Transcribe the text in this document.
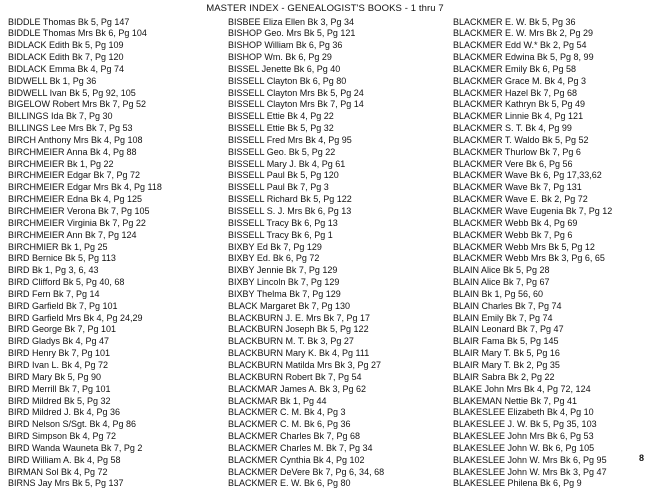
MASTER INDEX - GENEALOGIST'S BOOKS - 1 thru 7
BIDDLE Thomas Bk 5, Pg 147
BIDDLE Thomas Mrs Bk 6, Pg 104
BIDLACK Edith Bk 5, Pg 109
BIDLACK Edith Bk 7, Pg 120
BIDLACK Emma Bk 4, Pg 74
BIDWELL Bk 1, Pg 36
BIDWELL Ivan Bk 5, Pg 92, 105
BIGELOW Robert Mrs Bk 7, Pg 52
BILLINGS Ida Bk 7, Pg 30
BILLINGS Lee Mrs Bk 7, Pg 53
BIRCH Anthony Mrs Bk 4, Pg 108
BIRCHMEIER Anna Bk 4, Pg 88
BIRCHMEIER Bk 1, Pg 22
BIRCHMEIER Edgar Bk 7, Pg 72
BIRCHMEIER Edgar Mrs Bk 4, Pg 118
BIRCHMEIER Edna Bk 4, Pg 125
BIRCHMEIER Verona Bk 7, Pg 105
BIRCHMEIER Virginia Bk 7, Pg 22
BIRCHMEIER Ann Bk 7, Pg 124
BIRCHMIER Bk 1, Pg 25
BIRD Bernice Bk 5, Pg 113
BIRD Bk 1, Pg 3, 6, 43
BIRD Clifford Bk 5, Pg 40, 68
BIRD Fern Bk 7, Pg 14
BIRD Garfield Bk 7, Pg 101
BIRD Garfield Mrs Bk 4, Pg 24,29
BIRD George Bk 7, Pg 101
BIRD Gladys Bk 4, Pg 47
BIRD Henry Bk 7, Pg 101
BIRD Ivan L. Bk 4, Pg 72
BIRD Mary Bk 5, Pg 90
BIRD Merrill Bk 7, Pg 101
BIRD Mildred Bk 5, Pg 32
BIRD Mildred J. Bk 4, Pg 36
BIRD Nelson S/Sgt. Bk 4, Pg 86
BIRD Simpson Bk 4, Pg 72
BIRD Wanda Wauneta Bk 7, Pg 2
BIRD William A. Bk 4, Pg 58
BIRMAN Sol Bk 4, Pg 72
BIRNS Jay Mrs Bk 5, Pg 137
BISBEE Eliza Ellen Bk 3, Pg 34
BISHOP Geo. Mrs Bk 5, Pg 121
BISHOP William Bk 6, Pg 36
BISHOP Wm. Bk 6, Pg 29
BISSEL Jenette Bk 6, Pg 40
BISSELL Clayton Bk 6, Pg 80
BISSELL Clayton Mrs Bk 5, Pg 24
BISSELL Clayton Mrs Bk 7, Pg 14
BISSELL Ettie Bk 4, Pg 22
BISSELL Ettie Bk 5, Pg 32
BISSELL Fred Mrs Bk 4, Pg 95
BISSELL Geo. Bk 5, Pg 22
BISSELL Mary J. Bk 4, Pg 61
BISSELL Paul Bk 5, Pg 120
BISSELL Paul Bk 7, Pg 3
BISSELL Richard Bk 5, Pg 122
BISSELL S. J. Mrs Bk 6, Pg 13
BISSELL Tracy Bk 6, Pg 13
BISSELL Tracy Bk 6, Pg 1
BIXBY Ed Bk 7, Pg 129
BIXBY Ed. Bk 6, Pg 72
BIXBY Jennie Bk 7, Pg 129
BIXBY Lincoln Bk 7, Pg 129
BIXBY Thelma Bk 7, Pg 129
BLACK Margaret Bk 7, Pg 130
BLACKBURN J. E. Mrs Bk 7, Pg 17
BLACKBURN Joseph Bk 5, Pg 122
BLACKBURN M. T. Bk 3, Pg 27
BLACKBURN Mary K. Bk 4, Pg 111
BLACKBURN Matilda Mrs Bk 3, Pg 27
BLACKBURN Robert Bk 7, Pg 54
BLACKMAR James A. Bk 3, Pg 62
BLACKMAR Bk 1, Pg 44
BLACKMER C. M. Bk 4, Pg 3
BLACKMER C. M. Bk 6, Pg 36
BLACKMER Charles Bk 7, Pg 68
BLACKMER Charles M. Bk 7, Pg 34
BLACKMER Cynthia Bk 4, Pg 102
BLACKMER DeVere Bk 7, Pg 6, 34, 68
BLACKMER E. W. Bk 6, Pg 80
BLACKMER E. W. Bk 5, Pg 36
BLACKMER E. W. Mrs Bk 2, Pg 29
BLACKMER Edd W.* Bk 2, Pg 54
BLACKMER Edwina Bk 5, Pg 8, 99
BLACKMER Emily Bk 6, Pg 58
BLACKMER Grace M. Bk 4, Pg 3
BLACKMER Hazel Bk 7, Pg 68
BLACKMER Kathryn Bk 5, Pg 49
BLACKMER Linnie Bk 4, Pg 121
BLACKMER S. T. Bk 4, Pg 99
BLACKMER T. Waldo Bk 5, Pg 52
BLACKMER Thurlow Bk 7, Pg 6
BLACKMER Vere Bk 6, Pg 56
BLACKMER Wave Bk 6, Pg 17,33,62
BLACKMER Wave Bk 7, Pg 131
BLACKMER Wave E. Bk 2, Pg 72
BLACKMER Wave Eugenia Bk 7, Pg 12
BLACKMER Webb Bk 4, Pg 69
BLACKMER Webb Bk 7, Pg 6
BLACKMER Webb Mrs Bk 5, Pg 12
BLACKMER Webb Mrs Bk 3, Pg 6, 65
BLAIN Alice Bk 5, Pg 28
BLAIN Alice Bk 7, Pg 67
BLAIN Bk 1, Pg 56, 60
BLAIN Charles Bk 7, Pg 74
BLAIN Emily Bk 7, Pg 74
BLAIN Leonard Bk 7, Pg 47
BLAIR Fama Bk 5, Pg 145
BLAIR Mary T. Bk 5, Pg 16
BLAIR Mary T. Bk 2, Pg 35
BLAIR Sabra Bk 2, Pg 22
BLAKE John Mrs Bk 4, Pg 72, 124
BLAKEMAN Nettie Bk 7, Pg 41
BLAKESLEE Elizabeth Bk 4, Pg 10
BLAKESLEE J. W. Bk 5, Pg 35, 103
BLAKESLEE John Mrs Bk 6, Pg 53
BLAKESLEE John W. Bk 6, Pg 105
BLAKESLEE John W. Mrs Bk 6, Pg 95
BLAKESLEE John W. Mrs Bk 3, Pg 47
BLAKESLEE Philena Bk 6, Pg 9
8
